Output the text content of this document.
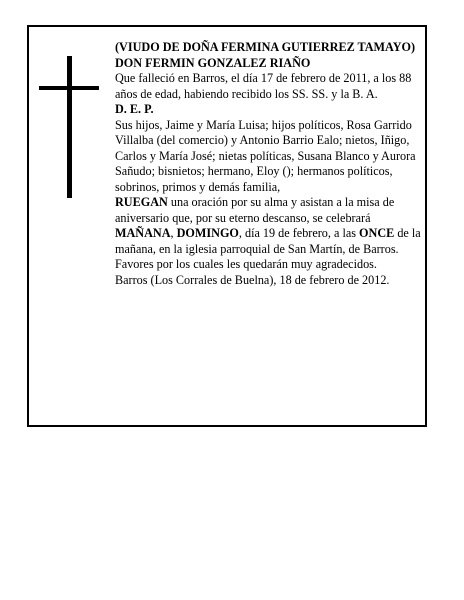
(VIUDO DE DOÑA FERMINA GUTIERREZ TAMAYO)

DON FERMIN GONZALEZ RIAÑO

Que falleció en Barros, el día 17 de febrero de 2011, a los 88 años de edad, habiendo recibido los SS. SS. y la B. A.

D. E. P.

Sus hijos, Jaime y María Luisa; hijos políticos, Rosa Garrido Villalba (del comercio) y Antonio Barrio Ealo; nietos, Iñigo, Carlos y María José; nietas políticas, Susana Blanco y Aurora Sañudo; bisnietos; hermano, Eloy (); hermanos políticos, sobrinos, primos y demás familia,

RUEGAN una oración por su alma y asistan a la misa de aniversario que, por su eterno descanso, se celebrará MAÑANA, DOMINGO, día 19 de febrero, a las ONCE de la mañana, en la iglesia parroquial de San Martín, de Barros. Favores por los cuales les quedarán muy agradecidos.

Barros (Los Corrales de Buelna), 18 de febrero de 2012.
